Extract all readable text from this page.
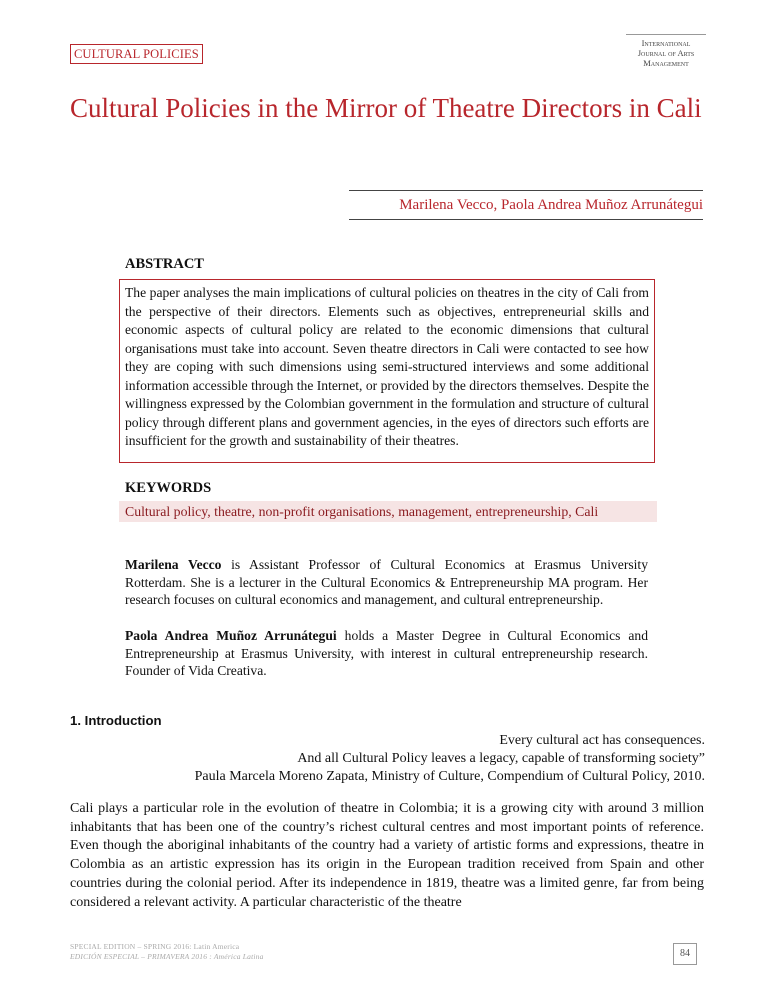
CULTURAL POLICIES
International
Journal of Arts
Management
Cultural Policies in the Mirror of Theatre Directors in Cali
Marilena Vecco, Paola Andrea Muñoz Arrunátegui
ABSTRACT
The paper analyses the main implications of cultural policies on theatres in the city of Cali from the perspective of their directors. Elements such as objectives, entrepreneurial skills and economic aspects of cultural policy are related to the economic dimensions that cultural organisations must take into account. Seven theatre directors in Cali were contacted to see how they are coping with such dimensions using semi-structured interviews and some additional information accessible through the Internet, or provided by the directors themselves. Despite the willingness expressed by the Colombian government in the formulation and structure of cultural policy through different plans and government agencies, in the eyes of directors such efforts are insufficient for the growth and sustainability of their theatres.
KEYWORDS
Cultural policy, theatre, non-profit organisations, management, entrepreneurship, Cali

Marilena Vecco is Assistant Professor of Cultural Economics at Erasmus University Rotterdam. She is a lecturer in the Cultural Economics & Entrepreneurship MA program. Her research focuses on cultural economics and management, and cultural entrepreneurship.

Paola Andrea Muñoz Arrunátegui holds a Master Degree in Cultural Economics and Entrepreneurship at Erasmus University, with interest in cultural entrepreneurship research. Founder of Vida Creativa.

1. Introduction
Every cultural act has consequences.
And all Cultural Policy leaves a legacy, capable of transforming society”
Paula Marcela Moreno Zapata, Ministry of Culture, Compendium of Cultural Policy, 2010.

Cali plays a particular role in the evolution of theatre in Colombia; it is a growing city with around 3 million inhabitants that has been one of the country’s richest cultural centres and most important points of reference. Even though the aboriginal inhabitants of the country had a variety of artistic forms and expressions, theatre in Colombia as an artistic expression has its origin in the European tradition received from Spain and other countries during the colonial period. After its independence in 1819, theatre was a limited genre, far from being considered a relevant activity. A particular characteristic of the theatre

SPECIAL EDITION – SPRING 2016: Latin America
EDICIÓN ESPECIAL – PRIMAVERA 2016 : América Latina	84
